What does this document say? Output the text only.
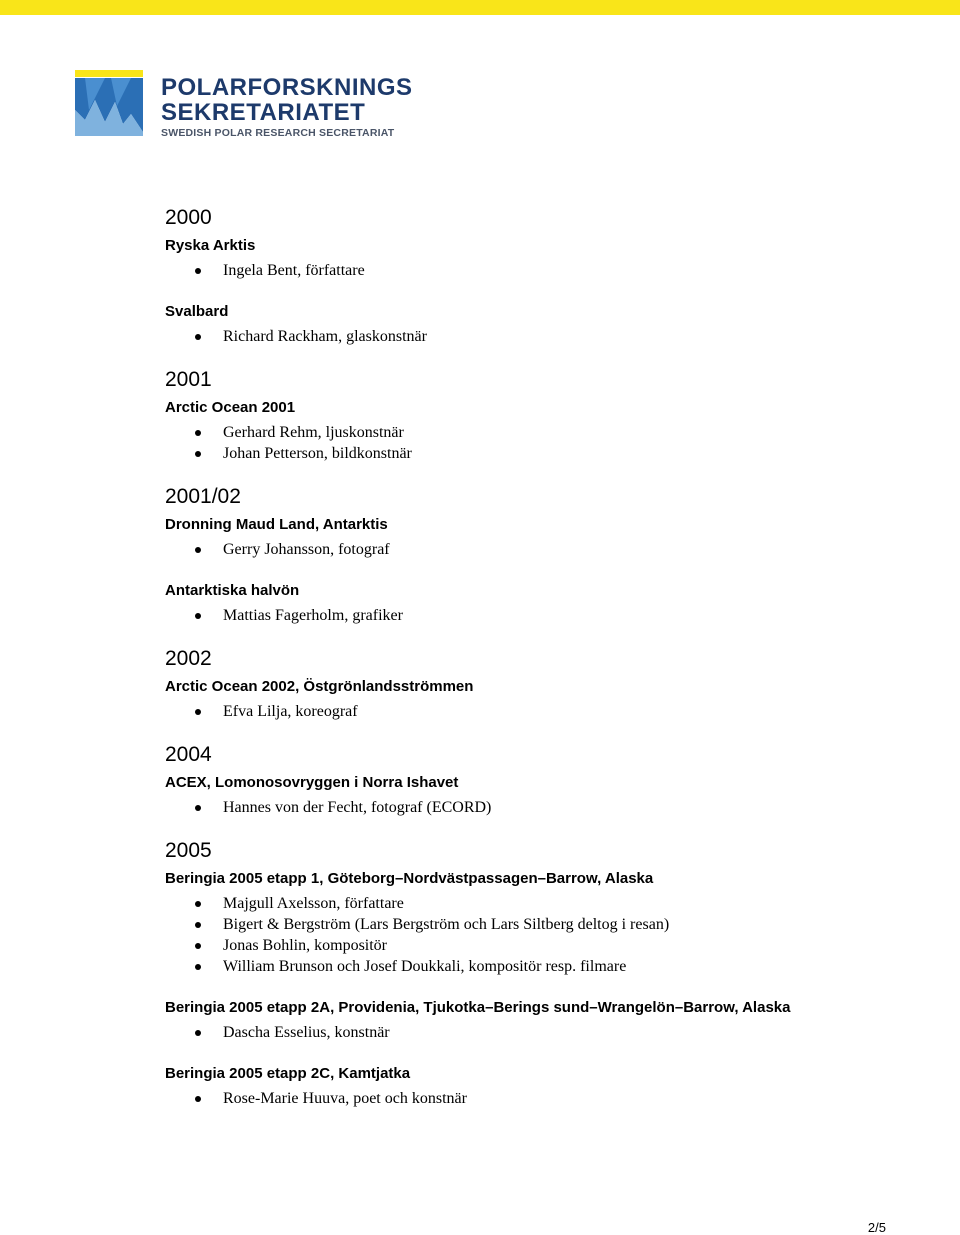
POLARFORSKNINGS
SEKRETARIATET
SWEDISH POLAR RESEARCH SECRETARIAT
2000
Ryska Arktis
Ingela Bent, författare
Svalbard
Richard Rackham, glaskonstnär
2001
Arctic Ocean 2001
Gerhard Rehm, ljuskonstnär
Johan Petterson, bildkonstnär
2001/02
Dronning Maud Land, Antarktis
Gerry Johansson, fotograf
Antarktiska halvön
Mattias Fagerholm, grafiker
2002
Arctic Ocean 2002, Östgrönlandsströmmen
Efva Lilja, koreograf
2004
ACEX, Lomonosovryggen i Norra Ishavet
Hannes von der Fecht, fotograf (ECORD)
2005
Beringia 2005 etapp 1, Göteborg–Nordvästpassagen–Barrow, Alaska
Majgull Axelsson, författare
Bigert & Bergström (Lars Bergström och Lars Siltberg deltog i resan)
Jonas Bohlin, kompositör
William Brunson och Josef Doukkali, kompositör resp. filmare
Beringia 2005 etapp 2A, Providenia, Tjukotka–Berings sund–Wrangelön–Barrow, Alaska
Dascha Esselius, konstnär
Beringia 2005 etapp 2C, Kamtjatka
Rose-Marie Huuva, poet och konstnär
2/5
